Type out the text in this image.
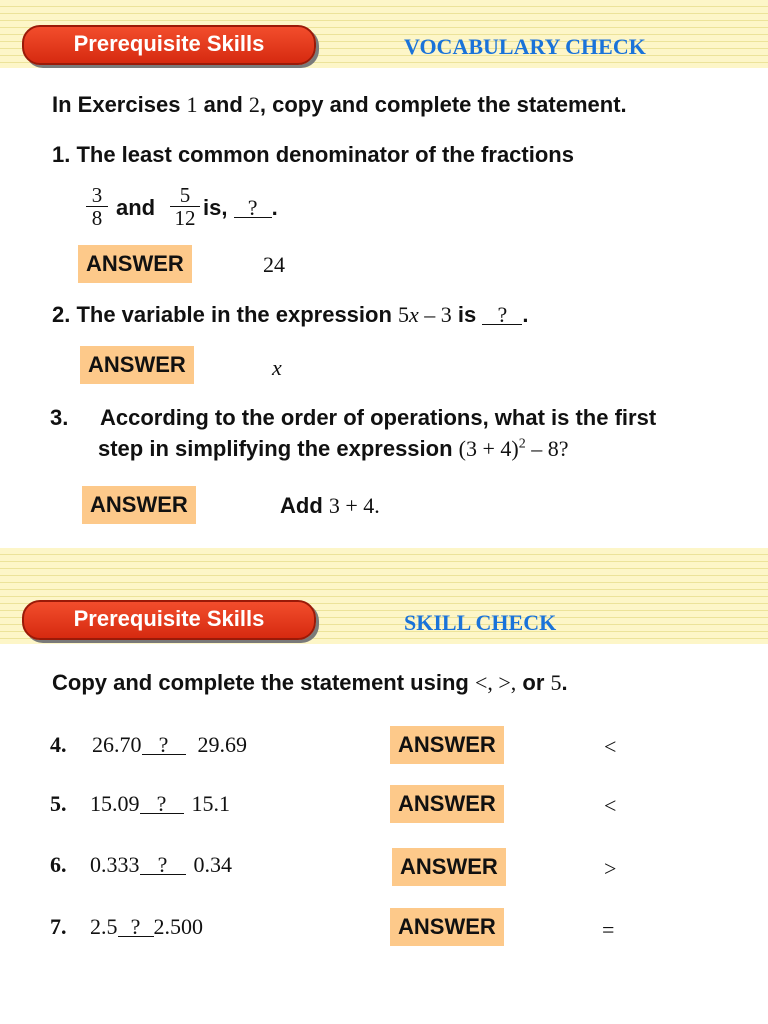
Prerequisite Skills	VOCABULARY CHECK
In Exercises 1 and 2, copy and complete the statement.
1. The least common denominator of the fractions
$\frac{3}{8}$ and $\frac{5}{12}$ is, ? .
ANSWER	24
2. The variable in the expression 5x – 3 is ? .
ANSWER	x
3. According to the order of operations, what is the first
step in simplifying the expression $(3 + 4)^2 - 8$?
ANSWER	Add 3 + 4.
Prerequisite Skills	SKILL CHECK
Copy and complete the statement using <, >, or 5.
4. 26.70 ? 29.69	ANSWER	<
5. 15.09 ? 15.1	ANSWER	<
6. 0.333 ? 0.34	ANSWER	>
7. 2.5 ? 2.500	ANSWER	=
